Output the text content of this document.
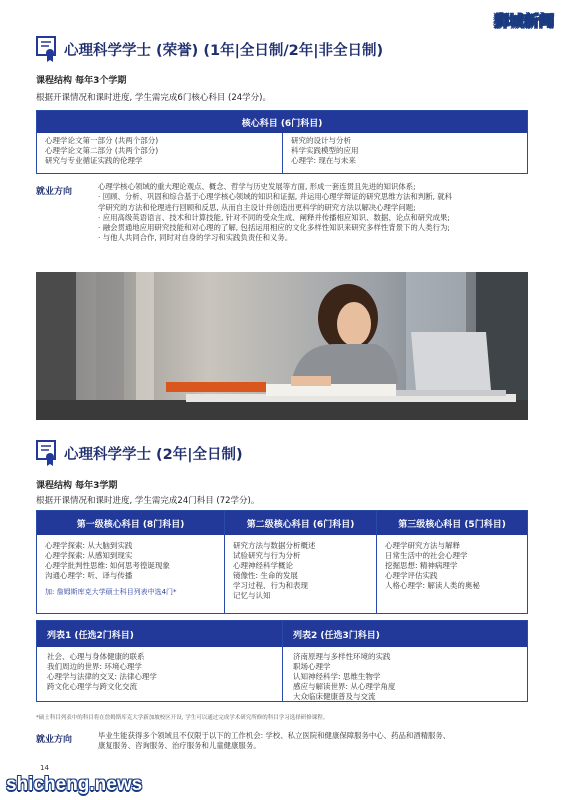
狮城新闻
心理科学学士 (荣誉) (1年|全日制/2年|非全日制)
课程结构 每年3个学期
根据开课情况和课时进度, 学生需完成6门核心科目 (24学分)。
核心科目 (6门科目)
心理学论文第一部分 (共两个部分)
心理学论文第二部分 (共两个部分)
研究与专业循证实践的伦理学
研究的设计与分析
科学实践模型的应用
心理学: 现在与未来
就业方向
心理学核心领域的重大理论观点、概念、哲学与历史发展等方面, 形成一套连贯且先进的知识体系;
· 回顾、分析、巩固和综合基于心理学核心领域的知识和证据, 并运用心理学辩证的研究思维方法和判断, 就科
学研究的方法和伦理进行回顾和反思, 从而自主设计并创造出更科学的研究方法以解决心理学问题;
· 应用高级英语语言、技术和计算技能, 针对不同的受众生成、阐释并传播相应知识、数据、论点和研究成果;
· 融会贯通地应用研究技能和对心理的了解, 包括运用相应的文化多样性知识来研究多样性背景下的人类行为;
· 与他人共同合作, 同时对自身的学习和实践负责任和义务。
心理科学学士 (2年|全日制)
课程结构 每年3学期
根据开课情况和课时进度, 学生需完成24门科目 (72学分)。
第一级核心科目 (8门科目)
心理学探索: 从大脑到实践
心理学探索: 从感知到现实
心理学批判性思维: 如何思考徨诞现象
沟通心理学: 听、译与传播
加: 詹姆斯库克大学硕士科目列表中选4门*
第二级核心科目 (6门科目)
研究方法与数据分析概述
试验研究与行为分析
心理神经科学概论
镜像性: 生命的发展
学习过程、行为和表现
记忆与认知
第三级核心科目 (5门科目)
心理学研究方法与解释
日常生活中的社会心理学
挖掘思想: 精神病理学
心理学评估实践
人格心理学: 解读人类的奥秘
列表1 (任选2门科目)
社会、心理与身体健康的联系
我们周边的世界: 环境心理学
心理学与法律的交叉: 法律心理学
跨文化心理学与跨文化交流
列表2 (任选3门科目)
济南原理与多样性环境的实践
职场心理学
认知神经科学: 思维生物学
感应与解读世界: 从心理学角度
大众临床健康普及与交流
*硕士科目列表中的科目将在詹姆斯库克大学新加坡校区开设, 学生可以通过完成学术研究所修的科目学习选择研修课程。
就业方向	毕业生能获得多个领域且不仅限于以下的工作机会: 学校、私立医院和健康保障服务中心、药品和酒精服务、
康复服务、咨询服务、治疗服务和儿童健康服务。
14
shicheng.news
